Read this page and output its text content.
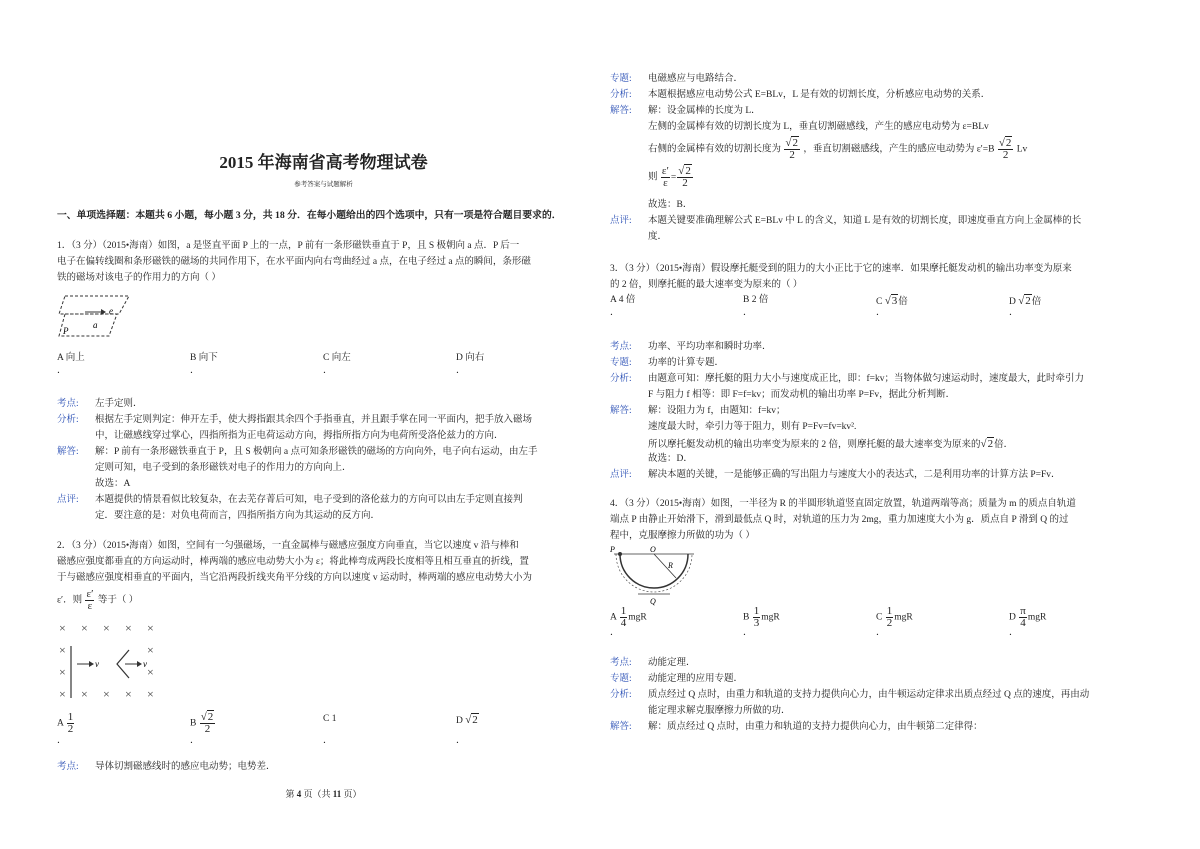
2015 年海南省高考物理试卷
参考答案与试题解析
一、单项选择题：本题共 6 小题，每小题 3 分，共 18 分．在每小题给出的四个选项中，只有一项是符合题目要求的．
1．（3 分）（2015•海南）如图，a 是竖直平面 P 上的一点，P 前有一条形磁铁垂直于 P，且 S 极朝向 a 点．P 后一
电子在偏转线圈和条形磁铁的磁场的共同作用下，在水平面内向右弯曲经过 a 点，在电子经过 a 点的瞬间，条形磁
铁的磁场对该电子的作用力的方向（ ）
e
a
P
A 向上	B 向下	C 向左	D 向右
．	．	．	．
考点: 左手定则．
分析: 根据左手定则判定：伸开左手，使大拇指跟其余四个手指垂直，并且跟手掌在同一平面内，把手放入磁场
中，让磁感线穿过掌心，四指所指为正电荷运动方向，拇指所指方向为电荷所受洛伦兹力的方向．
解答: 解：P 前有一条形磁铁垂直于 P，且 S 极朝向 a 点可知条形磁铁的磁场的方向向外，电子向右运动，由左手
定则可知，电子受到的条形磁铁对电子的作用力的方向向上．
故选：A
点评: 本题提供的情景看似比较复杂，在去芜存菁后可知，电子受到的洛伦兹力的方向可以由左手定则直接判
定．要注意的是：对负电荷而言，四指所指方向为其运动的反方向．
2．（3 分）（2015•海南）如图，空间有一匀强磁场，一直金属棒与磁感应强度方向垂直，当它以速度 v 沿与棒和
磁感应强度都垂直的方向运动时，棒两端的感应电动势大小为 ε；将此棒弯成两段长度相等且相互垂直的折线，置
于与磁感应强度相垂直的平面内，当它沿两段折线夹角平分线的方向以速度 v 运动时，棒两端的感应电动势大小为
ε′．则 $\frac{\varepsilon'}{\varepsilon}$ 等于（ ）
× × × × ×
×	×
×	×
× × × × ×
v	v
A $\frac{1}{2}$	B $\frac{√2}{2}$	C 1	D √2
．	．	．	．
考点: 导体切割磁感线时的感应电动势；电势差．
第 4 页（共 11 页）
专题: 电磁感应与电路结合．
分析: 本题根据感应电动势公式 E=BLv，L 是有效的切割长度，分析感应电动势的关系．
解答: 解：设金属棒的长度为 L．
左侧的金属棒有效的切割长度为 L，垂直切割磁感线，产生的感应电动势为 ε=BLv
右侧的金属棒有效的切割长度为 $\frac{√2}{2}$ ，垂直切割磁感线，产生的感应电动势为 $\varepsilon'=B \frac{√2}{2}$ Lv
则 $\frac{\varepsilon'}{\varepsilon} = \frac{√2}{2}$
故选：B．
点评: 本题关键要准确理解公式 E=BLv 中 L 的含义，知道 L 是有效的切割长度，即速度垂直方向上金属棒的长
度．
3．（3 分）（2015•海南）假设摩托艇受到的阻力的大小正比于它的速率．如果摩托艇发动机的输出功率变为原来
的 2 倍，则摩托艇的最大速率变为原来的（ ）
A 4 倍	B 2 倍	C √3倍	D √2倍
．	．	．	．
考点: 功率、平均功率和瞬时功率．
专题: 功率的计算专题．
分析: 由题意可知：摩托艇的阻力大小与速度成正比，即：f=kv；当物体做匀速运动时，速度最大，此时牵引力
F 与阻力 f 相等：即 F=f=kv；而发动机的输出功率 P=Fv，据此分析判断．
解答: 解：设阻力为 f，由题知：f=kv；
速度最大时，牵引力等于阻力，则有 P=Fv=fv=kv².
所以摩托艇发动机的输出功率变为原来的 2 倍，则摩托艇的最大速率变为原来的√2倍．
故选：D．
点评: 解决本题的关键，一是能够正确的写出阻力与速度大小的表达式，二是利用功率的计算方法 P=Fv．
4．（3 分）（2015•海南）如图，一半径为 R 的半圆形轨道竖直固定放置，轨道两端等高；质量为 m 的质点自轨道
端点 P 由静止开始滑下，滑到最低点 Q 时，对轨道的压力为 2mg，重力加速度大小为 g．质点自 P 滑到 Q 的过
程中，克服摩擦力所做的功为（ ）
P	O
R
Q
A $\frac{1}{4}$ mgR	B $\frac{1}{3}$ mgR	C $\frac{1}{2}$ mgR	D $\frac{\pi}{4}$ mgR
．	．	．	．
考点: 动能定理．
专题: 动能定理的应用专题．
分析: 质点经过 Q 点时，由重力和轨道的支持力提供向心力，由牛顿运动定律求出质点经过 Q 点的速度，再由动
能定理求解克服摩擦力所做的功．
解答: 解：质点经过 Q 点时，由重力和轨道的支持力提供向心力，由牛顿第二定律得：
